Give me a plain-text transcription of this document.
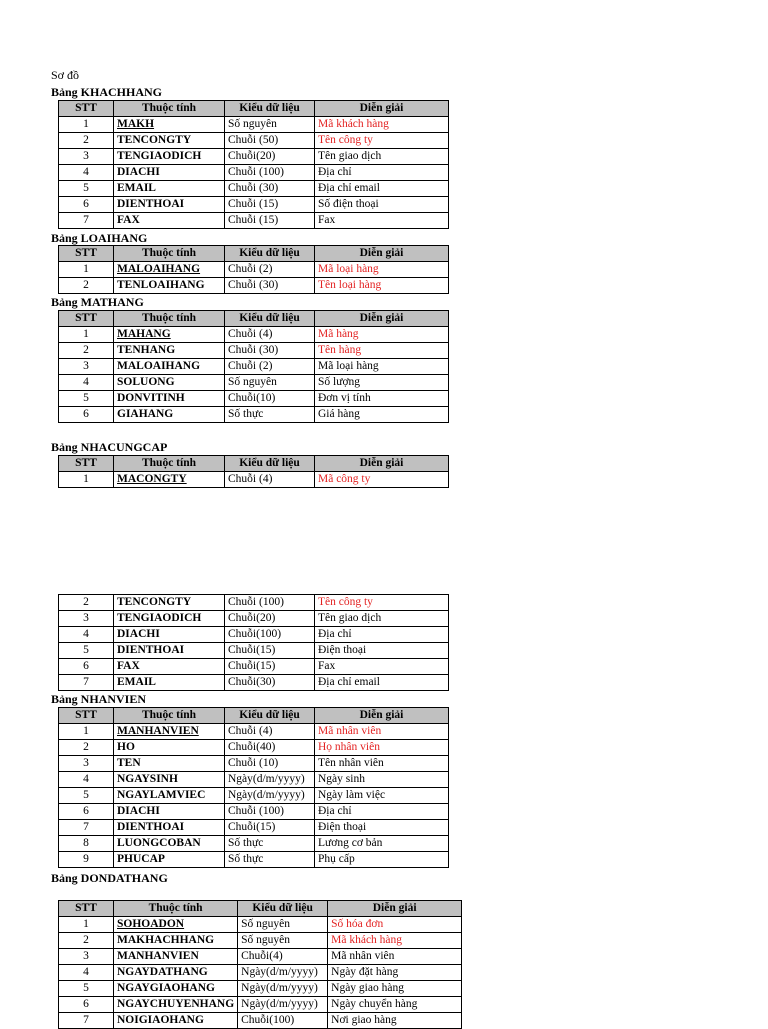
Sơ đồ
Bảng KHACHHANG
STT	Thuộc tính	Kiểu dữ liệu	Diễn giải
1	MAKH	Số nguyên	Mã khách hàng
2	TENCONGTY	Chuỗi (50)	Tên công ty
3	TENGIAODICH	Chuỗi(20)	Tên giao dịch
4	DIACHI	Chuỗi (100)	Địa chỉ
5	EMAIL	Chuỗi (30)	Địa chỉ email
6	DIENTHOAI	Chuỗi (15)	Số điện thoại
7	FAX	Chuỗi (15)	Fax
Bảng LOAIHANG
STT	Thuộc tính	Kiểu dữ liệu	Diễn giải
1	MALOAIHANG	Chuỗi (2)	Mã loại hàng
2	TENLOAIHANG	Chuỗi (30)	Tên loại hàng
Bảng MATHANG
STT	Thuộc tính	Kiểu dữ liệu	Diễn giải
1	MAHANG	Chuỗi (4)	Mã hàng
2	TENHANG	Chuỗi (30)	Tên hàng
3	MALOAIHANG	Chuỗi (2)	Mã loại hàng
4	SOLUONG	Số nguyên	Số lượng
5	DONVITINH	Chuỗi(10)	Đơn vị tính
6	GIAHANG	Số thực	Giá hàng
Bảng NHACUNGCAP
STT	Thuộc tính	Kiểu dữ liệu	Diễn giải
1	MACONGTY	Chuỗi (4)	Mã công ty
2	TENCONGTY	Chuỗi (100)	Tên công ty
3	TENGIAODICH	Chuỗi(20)	Tên giao dịch
4	DIACHI	Chuỗi(100)	Địa chỉ
5	DIENTHOAI	Chuỗi(15)	Điện thoại
6	FAX	Chuỗi(15)	Fax
7	EMAIL	Chuỗi(30)	Địa chỉ email
Bảng NHANVIEN
STT	Thuộc tính	Kiểu dữ liệu	Diễn giải
1	MANHANVIEN	Chuỗi (4)	Mã nhân viên
2	HO	Chuỗi(40)	Họ nhân viên
3	TEN	Chuỗi (10)	Tên nhân viên
4	NGAYSINH	Ngày(d/m/yyyy)	Ngày sinh
5	NGAYLAMVIEC	Ngày(d/m/yyyy)	Ngày làm việc
6	DIACHI	Chuỗi (100)	Địa chỉ
7	DIENTHOAI	Chuỗi(15)	Điện thoại
8	LUONGCOBAN	Số thực	Lương cơ bản
9	PHUCAP	Số thực	Phụ cấp
Bảng DONDATHANG
STT	Thuộc tính	Kiểu dữ liệu	Diễn giải
1	SOHOADON	Số nguyên	Số hóa đơn
2	MAKHACHHANG	Số nguyên	Mã khách hàng
3	MANHANVIEN	Chuỗi(4)	Mã nhân viên
4	NGAYDATHANG	Ngày(d/m/yyyy)	Ngày đặt hàng
5	NGAYGIAOHANG	Ngày(d/m/yyyy)	Ngày giao hàng
6	NGAYCHUYENHANG	Ngày(d/m/yyyy)	Ngày chuyển hàng
7	NOIGIAOHANG	Chuỗi(100)	Nơi giao hàng
